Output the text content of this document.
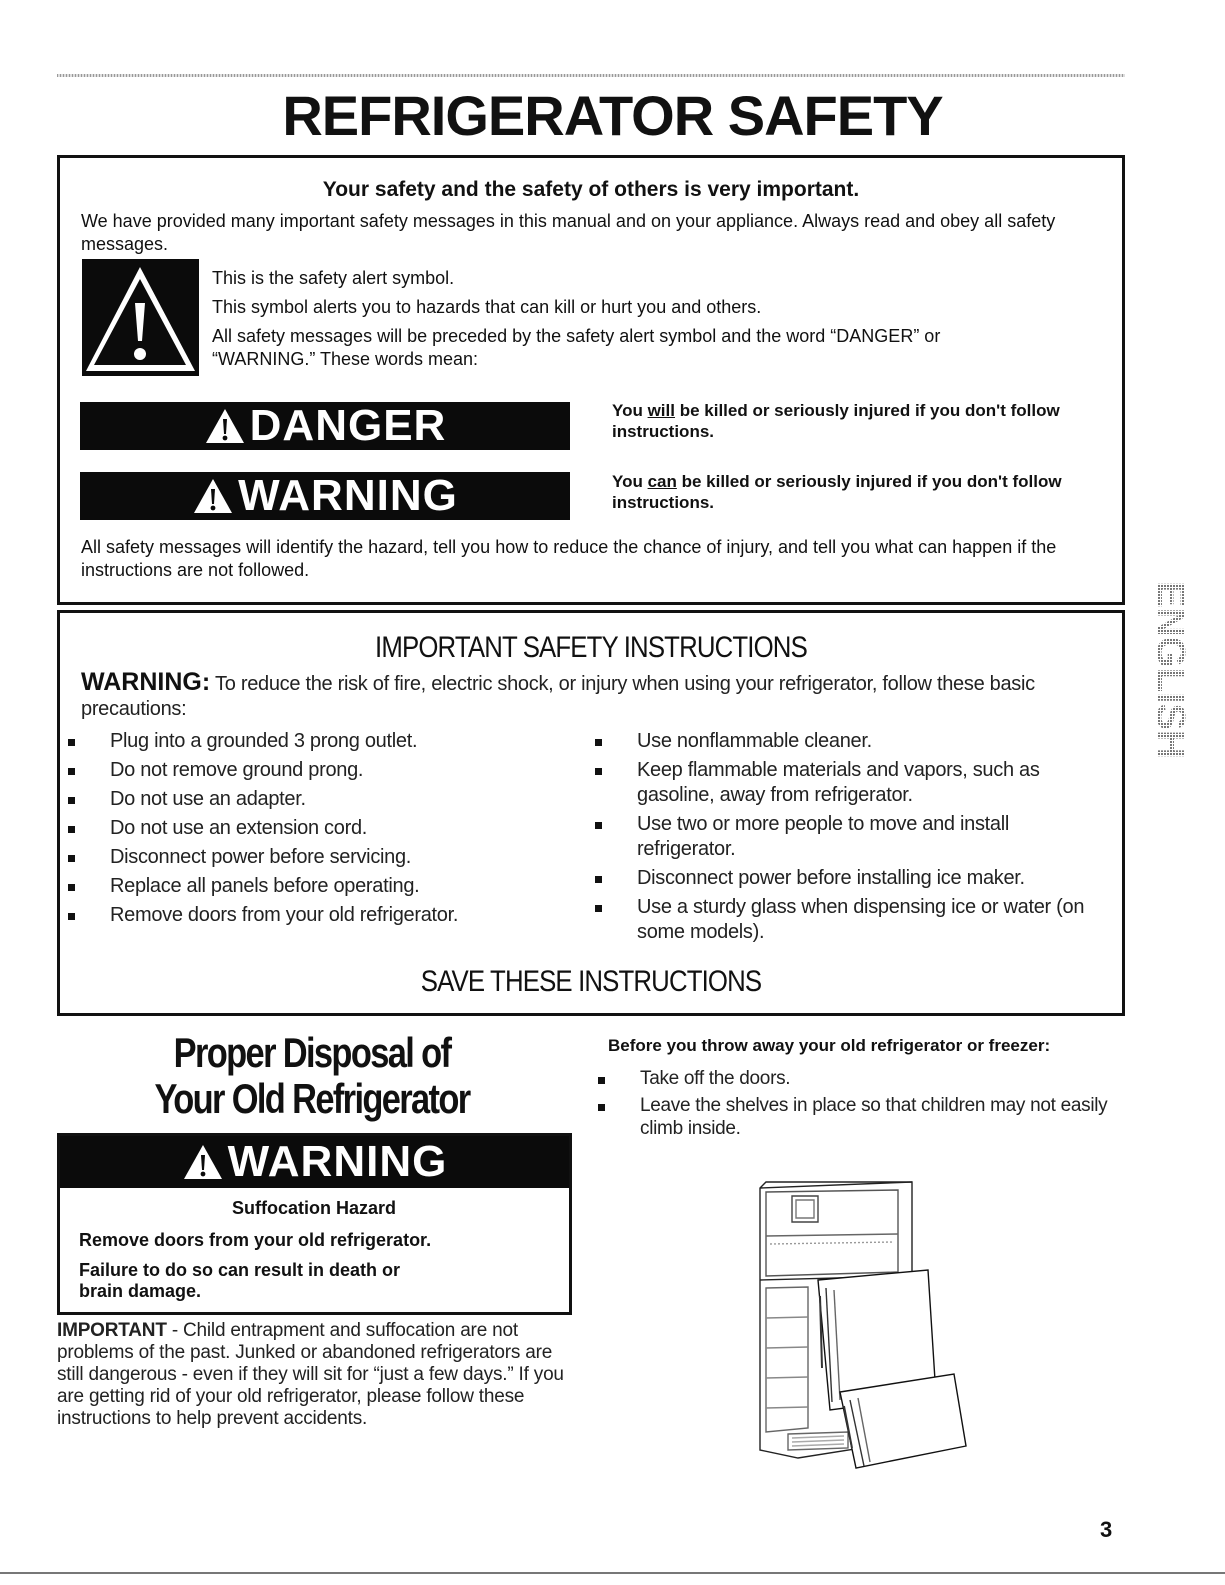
REFRIGERATOR SAFETY
Your safety and the safety of others is very important.
We have provided many important safety messages in this manual and on your appliance. Always read and obey all safety messages.
This is the safety alert symbol.
This symbol alerts you to hazards that can kill or hurt you and others.
All safety messages will be preceded by the safety alert symbol and the word “DANGER” or “WARNING.” These words mean:
DANGER	You will be killed or seriously injured if you don't follow instructions.
WARNING	You can be killed or seriously injured if you don't follow instructions.
All safety messages will identify the hazard, tell you how to reduce the chance of injury, and tell you what can happen if the instructions are not followed.
IMPORTANT SAFETY INSTRUCTIONS
WARNING: To reduce the risk of fire, electric shock, or injury when using your refrigerator, follow these basic precautions:
Plug into a grounded 3 prong outlet.
Do not remove ground prong.
Do not use an adapter.
Do not use an extension cord.
Disconnect power before servicing.
Replace all panels before operating.
Remove doors from your old refrigerator.
Use nonflammable cleaner.
Keep flammable materials and vapors, such as gasoline, away from refrigerator.
Use two or more people to move and install refrigerator.
Disconnect power before installing ice maker.
Use a sturdy glass when dispensing ice or water (on some models).
SAVE THESE INSTRUCTIONS
Proper Disposal of
Your Old Refrigerator
WARNING
Suffocation Hazard
Remove doors from your old refrigerator.
Failure to do so can result in death or brain damage.
IMPORTANT - Child entrapment and suffocation are not problems of the past. Junked or abandoned refrigerators are still dangerous - even if they will sit for “just a few days.” If you are getting rid of your old refrigerator, please follow these instructions to help prevent accidents.
Before you throw away your old refrigerator or freezer:
Take off the doors.
Leave the shelves in place so that children may not easily climb inside.
ENGLISH
3
